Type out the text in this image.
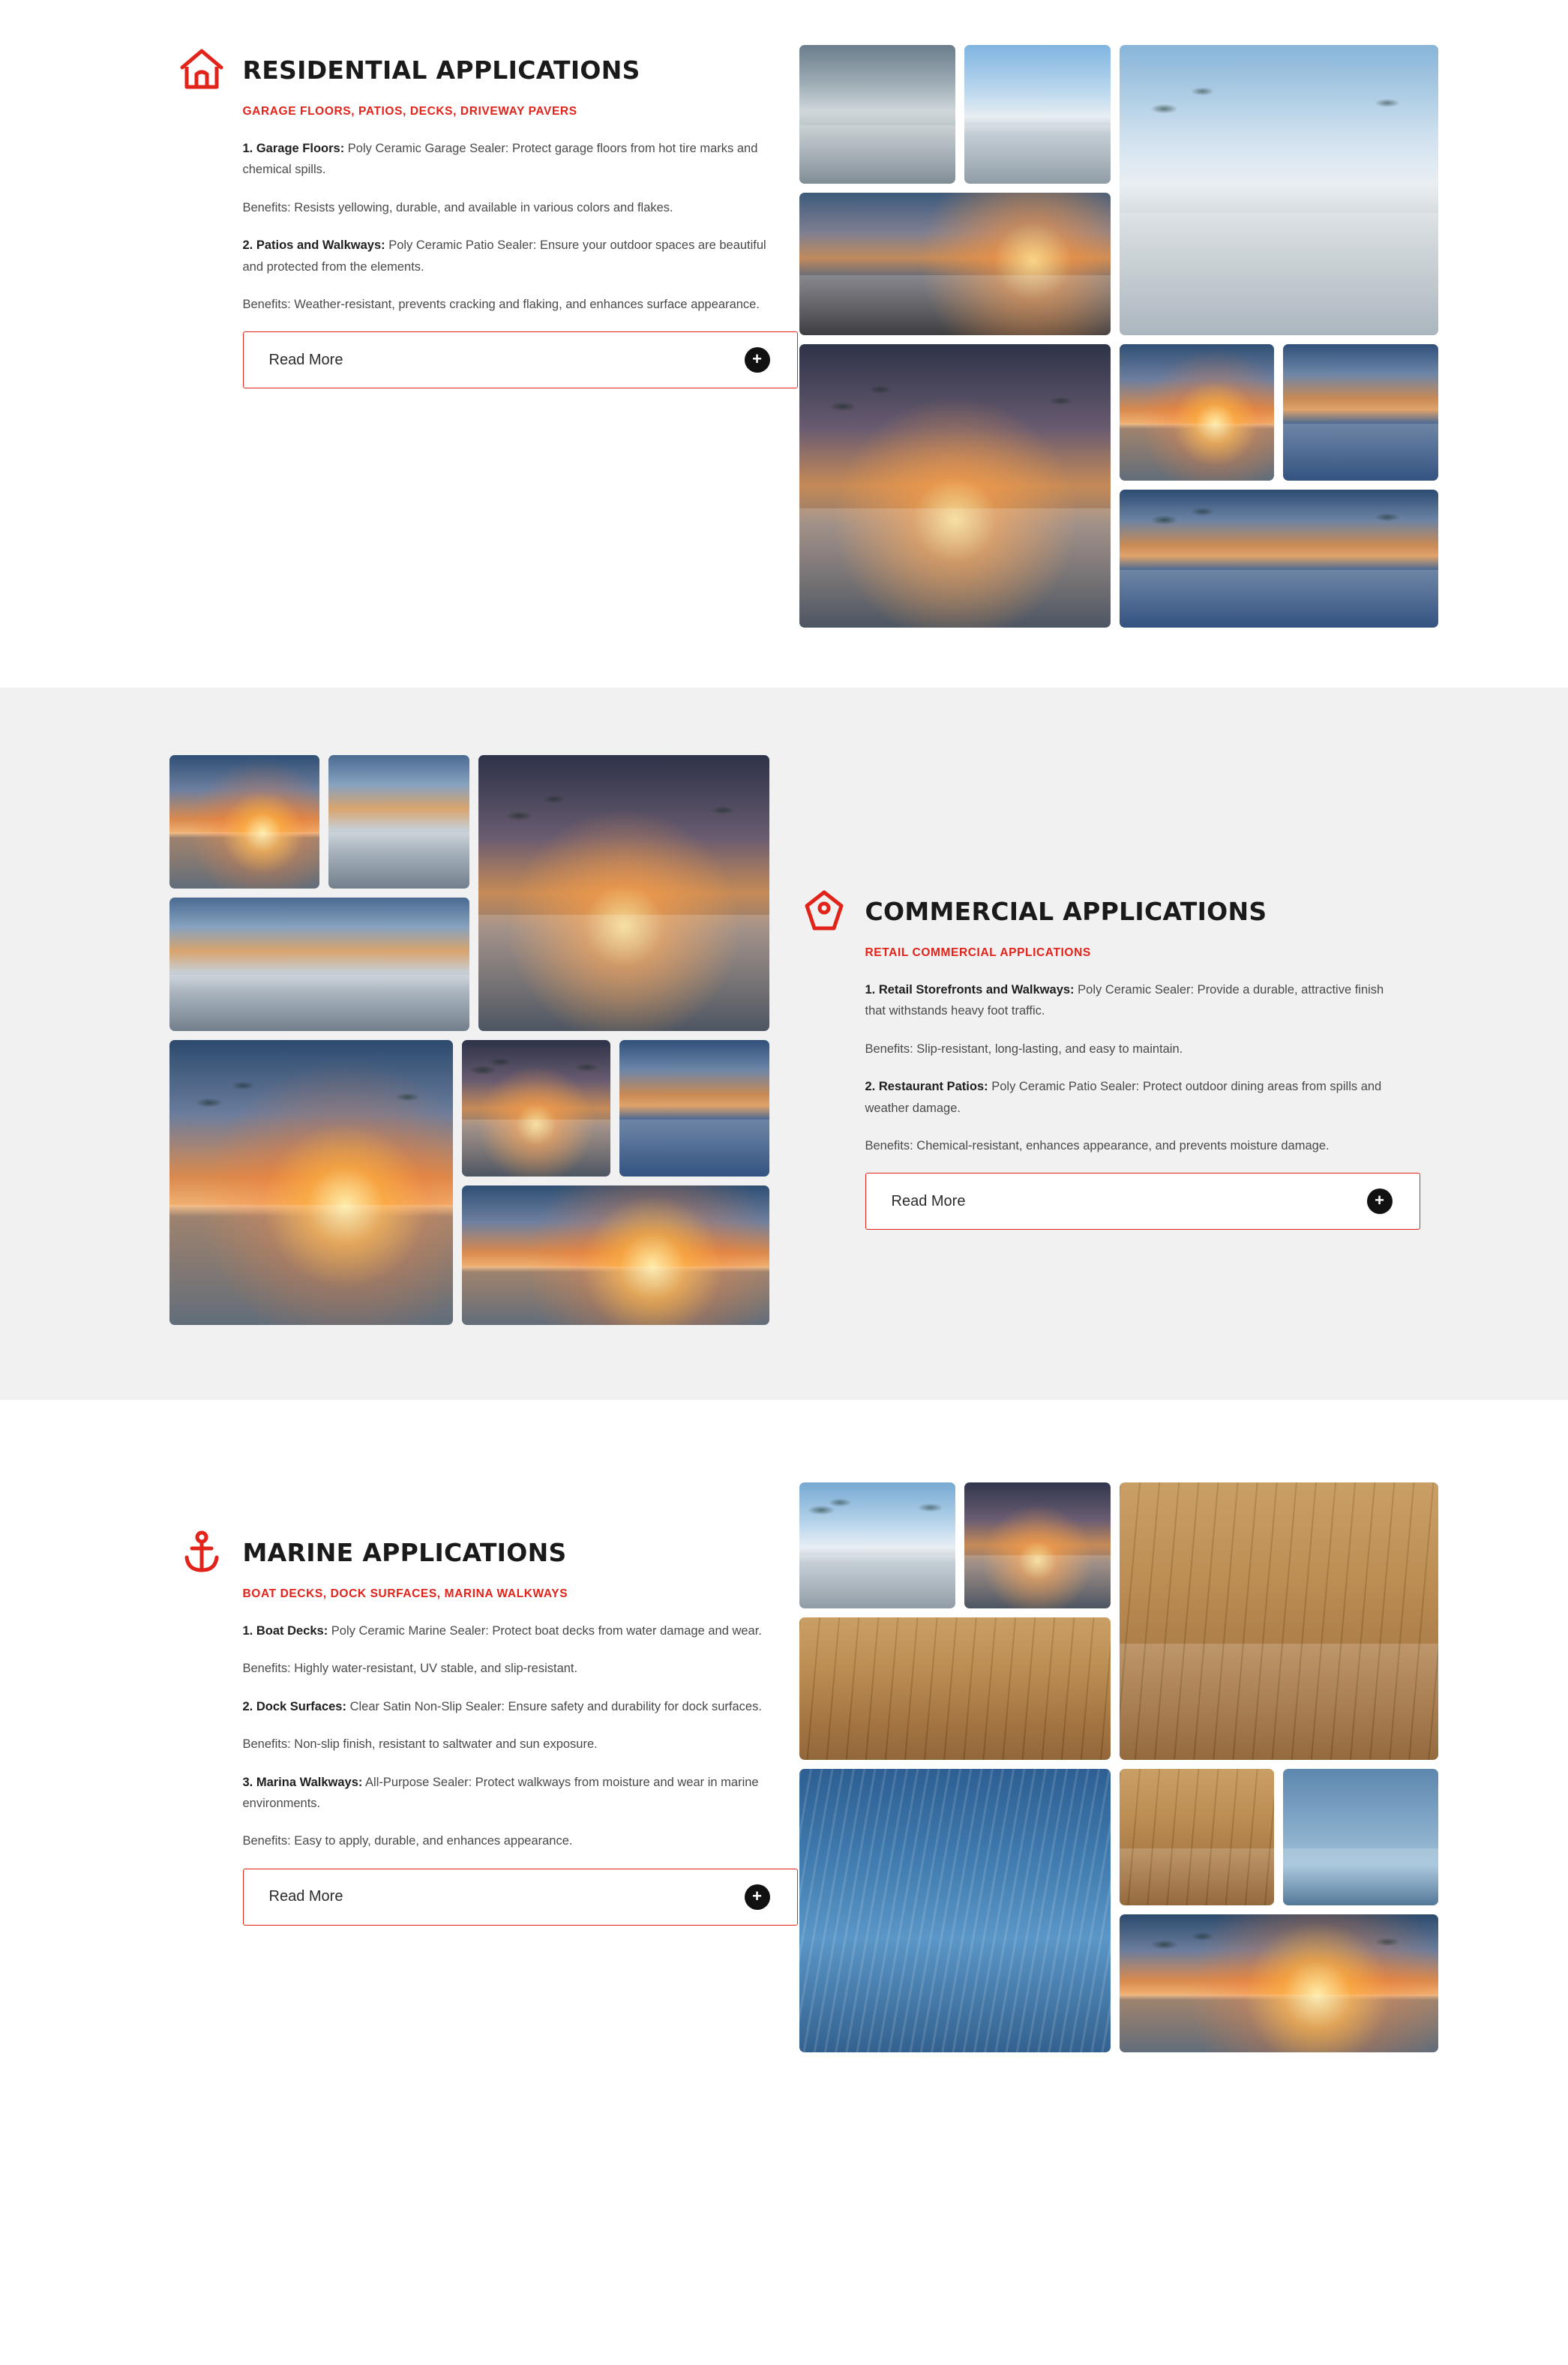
RESIDENTIAL APPLICATIONS
GARAGE FLOORS, PATIOS, DECKS, DRIVEWAY PAVERS

1. Garage Floors: Poly Ceramic Garage Sealer: Protect garage floors from hot tire marks and chemical spills.

Benefits: Resists yellowing, durable, and available in various colors and flakes.

2. Patios and Walkways: Poly Ceramic Patio Sealer: Ensure your outdoor spaces are beautiful and protected from the elements.

Benefits: Weather-resistant, prevents cracking and flaking, and enhances surface appearance.

Read More	+
COMMERCIAL APPLICATIONS
RETAIL COMMERCIAL APPLICATIONS

1. Retail Storefronts and Walkways: Poly Ceramic Sealer: Provide a durable, attractive finish that withstands heavy foot traffic.

Benefits: Slip-resistant, long-lasting, and easy to maintain.

2. Restaurant Patios: Poly Ceramic Patio Sealer: Protect outdoor dining areas from spills and weather damage.

Benefits: Chemical-resistant, enhances appearance, and prevents moisture damage.

Read More	+
MARINE APPLICATIONS
BOAT DECKS, DOCK SURFACES, MARINA WALKWAYS

1. Boat Decks: Poly Ceramic Marine Sealer: Protect boat decks from water damage and wear.

Benefits: Highly water-resistant, UV stable, and slip-resistant.

2. Dock Surfaces: Clear Satin Non-Slip Sealer: Ensure safety and durability for dock surfaces.

Benefits: Non-slip finish, resistant to saltwater and sun exposure.

3. Marina Walkways: All-Purpose Sealer: Protect walkways from moisture and wear in marine environments.

Benefits: Easy to apply, durable, and enhances appearance.

Read More	+
